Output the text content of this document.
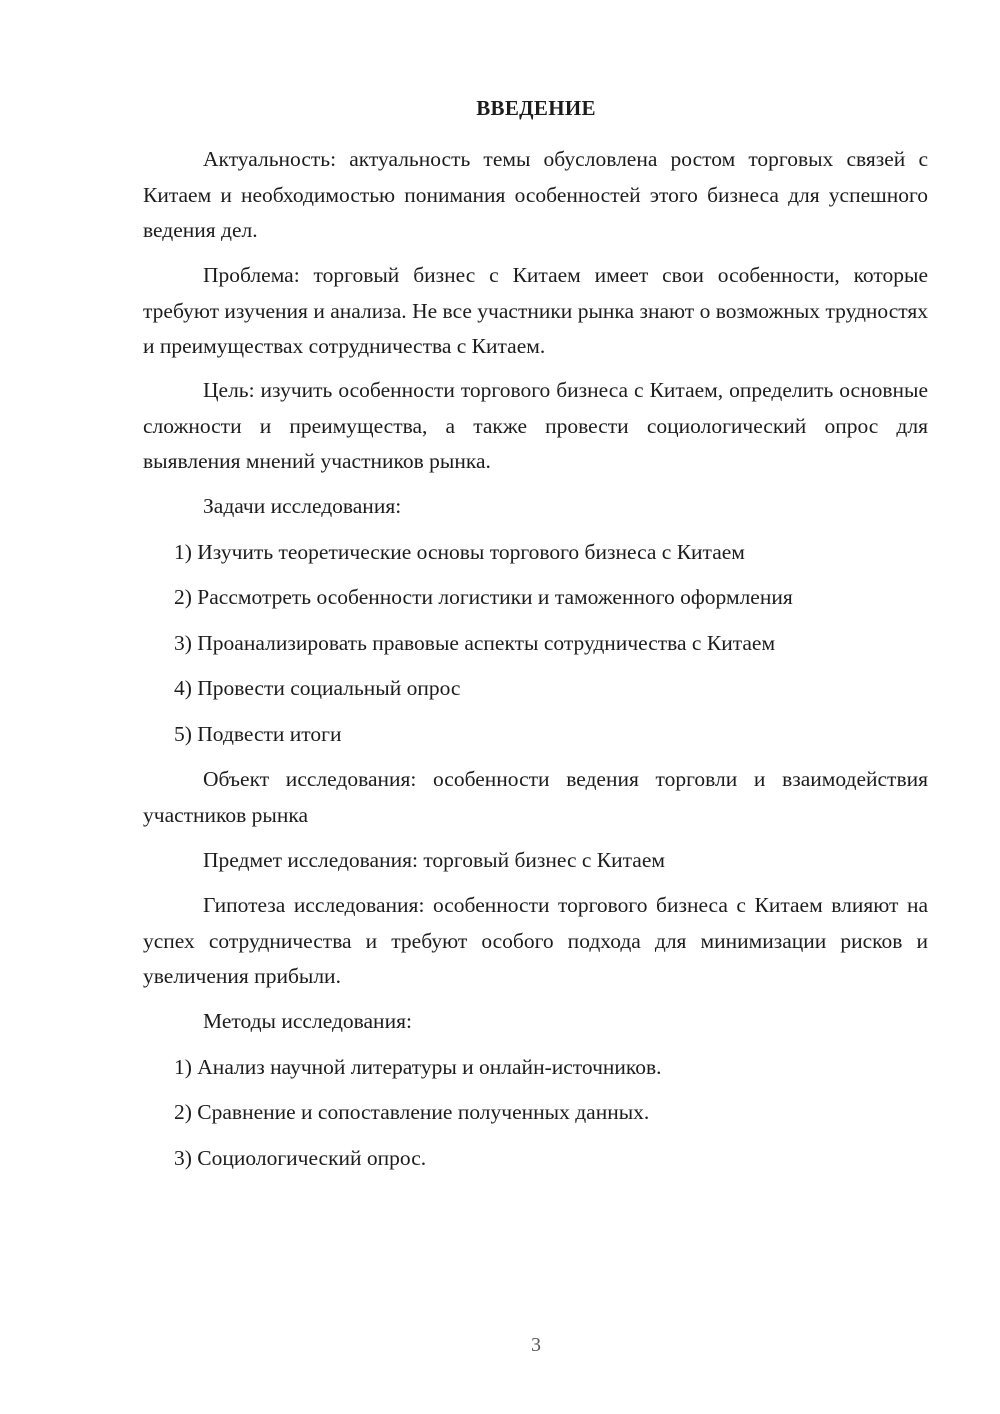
ВВЕДЕНИЕ

Актуальность: актуальность темы обусловлена ростом торговых связей с Китаем и необходимостью понимания особенностей этого бизнеса для успешного ведения дел.

Проблема: торговый бизнес с Китаем имеет свои особенности, которые требуют изучения и анализа. Не все участники рынка знают о возможных трудностях и преимуществах сотрудничества с Китаем.

Цель: изучить особенности торгового бизнеса с Китаем, определить основные сложности и преимущества, а также провести социологический опрос для выявления мнений участников рынка.

Задачи исследования:

1) Изучить теоретические основы торгового бизнеса с Китаем

2) Рассмотреть особенности логистики и таможенного оформления

3) Проанализировать правовые аспекты сотрудничества с Китаем

4) Провести социальный опрос

5) Подвести итоги

Объект исследования: особенности ведения торговли и взаимодействия участников рынка

Предмет исследования: торговый бизнес с Китаем

Гипотеза исследования: особенности торгового бизнеса с Китаем влияют на успех сотрудничества и требуют особого подхода для минимизации рисков и увеличения прибыли.

Методы исследования:

1) Анализ научной литературы и онлайн-источников.

2) Сравнение и сопоставление полученных данных.

3) Социологический опрос.

3
